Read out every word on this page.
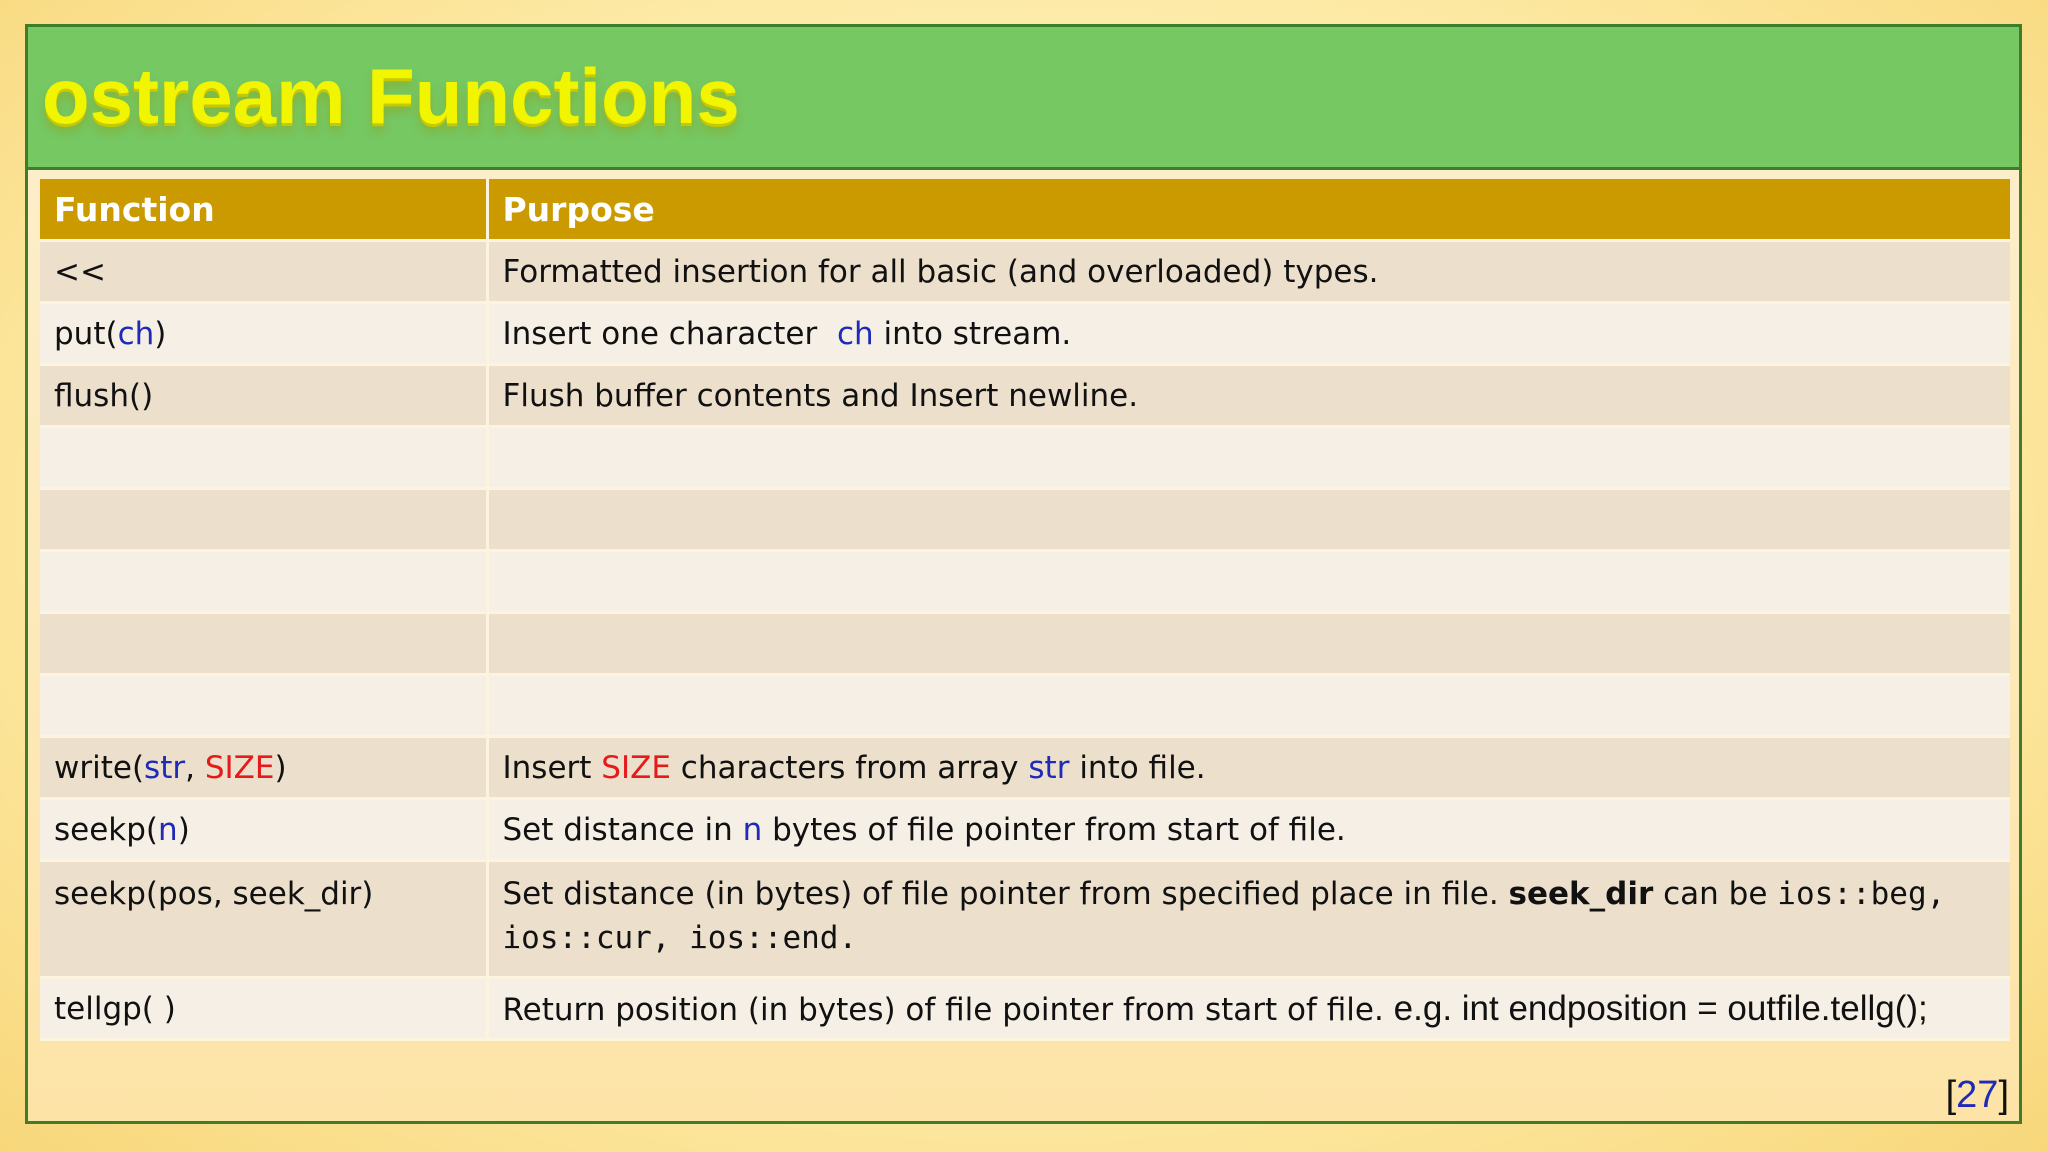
ostream Functions
Function	Purpose
<<	Formatted insertion for all basic (and overloaded) types.
put(ch)	Insert one character ch into stream.
flush()	Flush buffer contents and Insert newline.

write(str, SIZE)	Insert SIZE characters from array str into file.
seekp(n)	Set distance in n bytes of file pointer from start of file.
seekp(pos, seek_dir)	Set distance (in bytes) of file pointer from specified place in file. seek_dir can be ios::beg,
ios::cur, ios::end.
tellgp( )	Return position (in bytes) of file pointer from start of file. e.g. int endposition = outfile.tellg();
[27]
